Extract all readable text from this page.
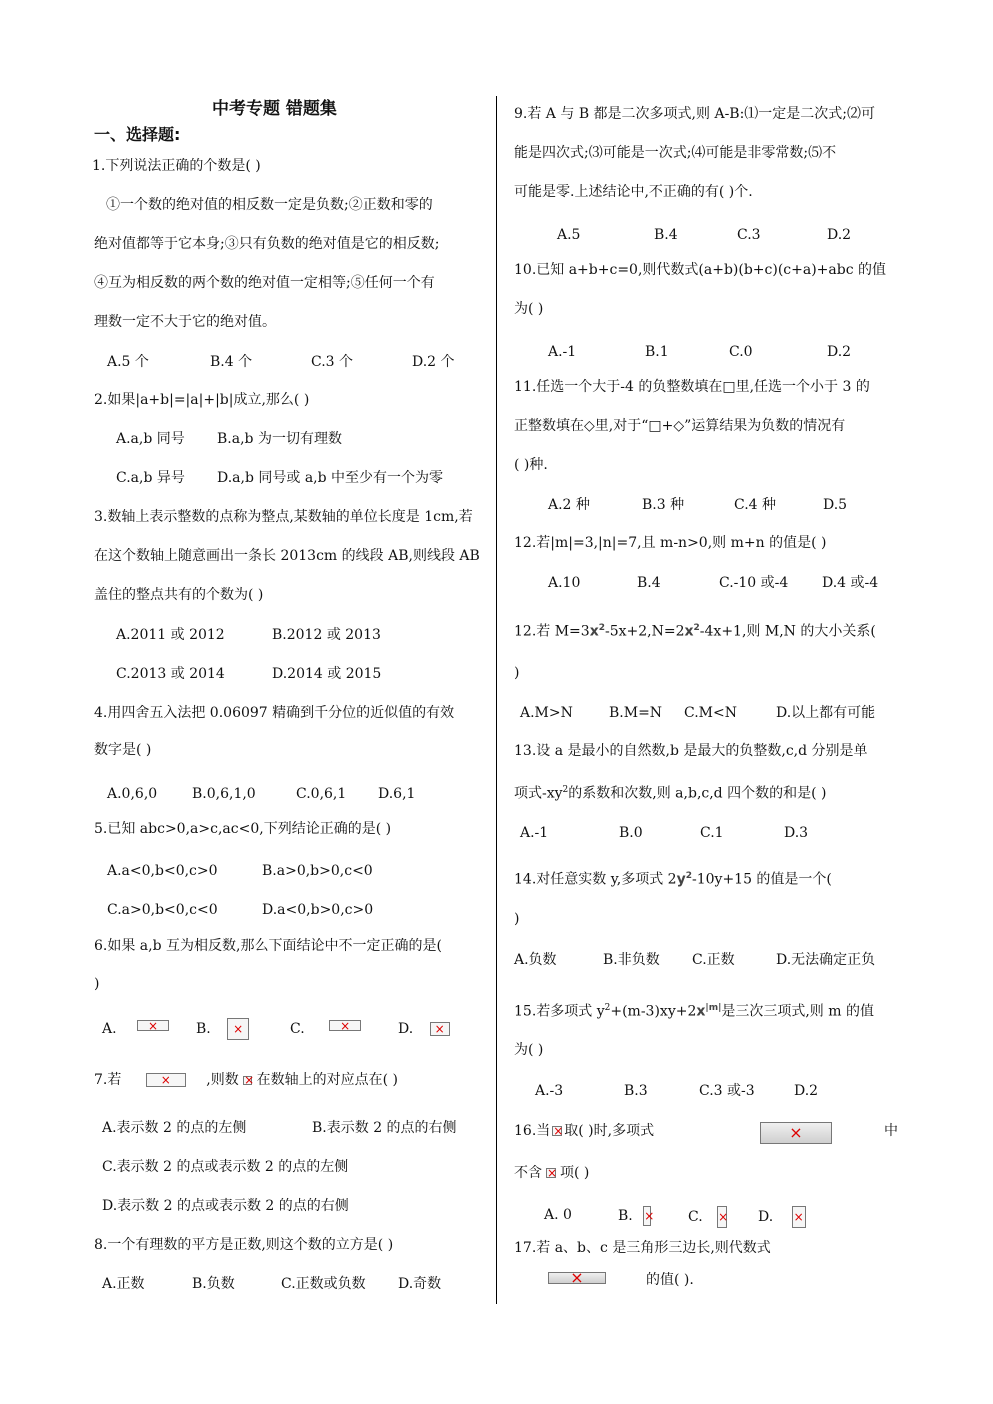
中考专题 错题集
一、选择题:
1.下列说法正确的个数是( )
①一个数的绝对值的相反数一定是负数;②正数和零的
绝对值都等于它本身;③只有负数的绝对值是它的相反数;
④互为相反数的两个数的绝对值一定相等;⑤任何一个有
理数一定不大于它的绝对值。
A.5 个	B.4 个	C.3 个	D.2 个
2.如果|a+b|=|a|+|b|成立,那么( )
A.a,b 同号 B.a,b 为一切有理数
C.a,b 异号 D.a,b 同号或 a,b 中至少有一个为零
3.数轴上表示整数的点称为整点,某数轴的单位长度是 1cm,若
在这个数轴上随意画出一条长 2013cm 的线段 AB,则线段 AB
盖住的整点共有的个数为( )
A.2011 或 2012	B.2012 或 2013
C.2013 或 2014	D.2014 或 2015
4.用四舍五入法把 0.06097 精确到千分位的近似值的有效
数字是( )
A.0,6,0 B.0,6,1,0	C.0,6,1 D.6,1
5.已知 abc>0,a>c,ac<0,下列结论正确的是( )
A.a<0,b<0,c>0	B.a>0,b>0,c<0
C.a>0,b<0,c<0	D.a<0,b>0,c>0
6.如果 a,b 互为相反数,那么下面结论中不一定正确的是(
)
A. ×	B. ×	C. ×	D. ×
7.若 ×	,则数 × 在数轴上的对应点在( )
A.表示数 2 的点的左侧	B.表示数 2 的点的右侧
C.表示数 2 的点或表示数 2 的点的左侧
D.表示数 2 的点或表示数 2 的点的右侧
8.一个有理数的平方是正数,则这个数的立方是( )
A.正数	B.负数	C.正数或负数 D.奇数
9.若 A 与 B 都是二次多项式,则 A-B:⑴一定是二次式;⑵可
能是四次式;⑶可能是一次式;⑷可能是非零常数;⑸不
可能是零.上述结论中,不正确的有( )个.
A.5	B.4	C.3	D.2
10.已知 a+b+c=0,则代数式(a+b)(b+c)(c+a)+abc 的值
为( )
A.-1	B.1	C.0	D.2
11.任选一个大于-4 的负整数填在□里,任选一个小于 3 的
正整数填在◇里,对于“□+◇”运算结果为负数的情况有
( )种.
A.2 种	B.3 种	C.4 种	D.5
12.若|m|=3,|n|=7,且 m-n>0,则 m+n 的值是( )
A.10	B.4	C.-10 或-4 D.4 或-4
12.若 $M=3x^2-5x+2,N=2x^2-4x+1$,则 M,N 的大小关系(
)
A.M>N	B.M=N C.M<N	D.以上都有可能
13.设 a 是最小的自然数,b 是最大的负整数,c,d 分别是单
项式$-xy^2$的系数和次数,则 a,b,c,d 四个数的和是( )
A.-1	B.0	C.1	D.3
14.对任意实数 y,多项式 $2y^2-10y+15$ 的值是一个(
)
A.负数	B.非负数 C.正数	D.无法确定正负
15.若多项式 $y^2+(m-3)xy+2x^{|m|}$是三次三项式,则 m 的值
为( )
A.-3	B.3	C.3 或-3	D.2
16.当 × 取( )时,多项式 ×	中
不含 × 项( )
A. 0	B. ×	C. ×	D. ×
17.若 a、b、c 是三角形三边长,则代数式
×
的值( ).
